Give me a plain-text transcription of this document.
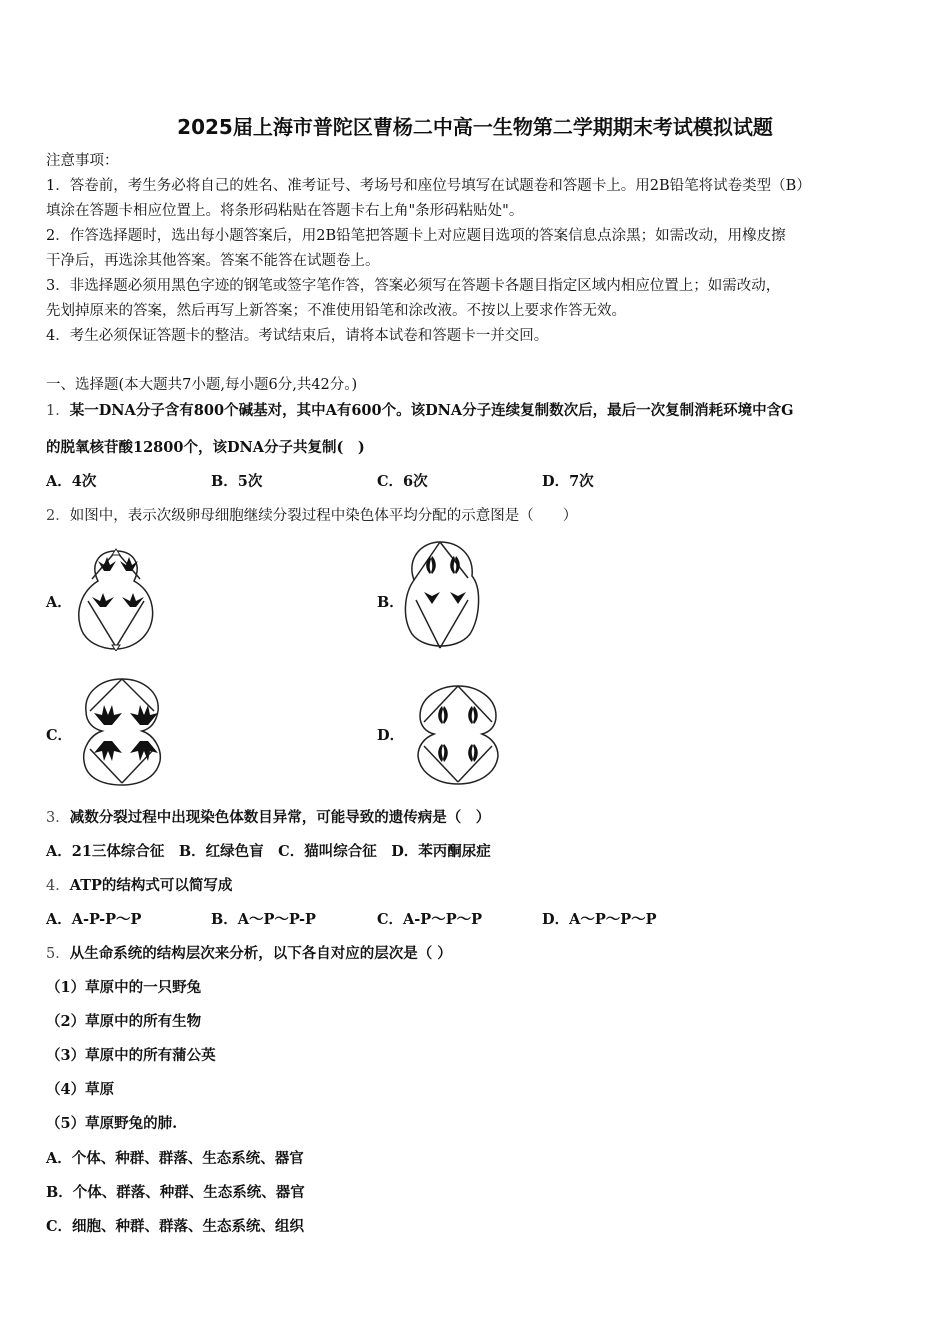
2025届上海市普陀区曹杨二中高一生物第二学期期末考试模拟试题
注意事项：
1．答卷前，考生务必将自己的姓名、准考证号、考场号和座位号填写在试题卷和答题卡上。用2B铅笔将试卷类型（B）
填涂在答题卡相应位置上。将条形码粘贴在答题卡右上角"条形码粘贴处"。
2．作答选择题时，选出每小题答案后，用2B铅笔把答题卡上对应题目选项的答案信息点涂黑；如需改动，用橡皮擦
干净后，再选涂其他答案。答案不能答在试题卷上。
3．非选择题必须用黑色字迹的钢笔或签字笔作答，答案必须写在答题卡各题目指定区域内相应位置上；如需改动，
先划掉原来的答案，然后再写上新答案；不准使用铅笔和涂改液。不按以上要求作答无效。
4．考生必须保证答题卡的整洁。考试结束后，请将本试卷和答题卡一并交回。
一、选择题(本大题共7小题,每小题6分,共42分。)
1．某一DNA分子含有800个碱基对，其中A有600个。该DNA分子连续复制数次后，最后一次复制消耗环境中含G
的脱氧核苷酸12800个，该DNA分子共复制(　)
A．4次	B．5次	C．6次	D．7次
2．如图中，表示次级卵母细胞继续分裂过程中染色体平均分配的示意图是（　　）
A．	B．
C．	D．
3．减数分裂过程中出现染色体数目异常，可能导致的遗传病是（　）
A．21三体综合征　B．红绿色盲　C．猫叫综合征　D．苯丙酮尿症
4．ATP的结构式可以简写成
A．A-P-P～P	B．A～P～P-P	C．A-P～P～P	D．A～P～P～P
5．从生命系统的结构层次来分析，以下各自对应的层次是（ ）
（1）草原中的一只野兔
（2）草原中的所有生物
（3）草原中的所有蒲公英
（4）草原
（5）草原野兔的肺.
A．个体、种群、群落、生态系统、器官
B．个体、群落、种群、生态系统、器官
C．细胞、种群、群落、生态系统、组织
